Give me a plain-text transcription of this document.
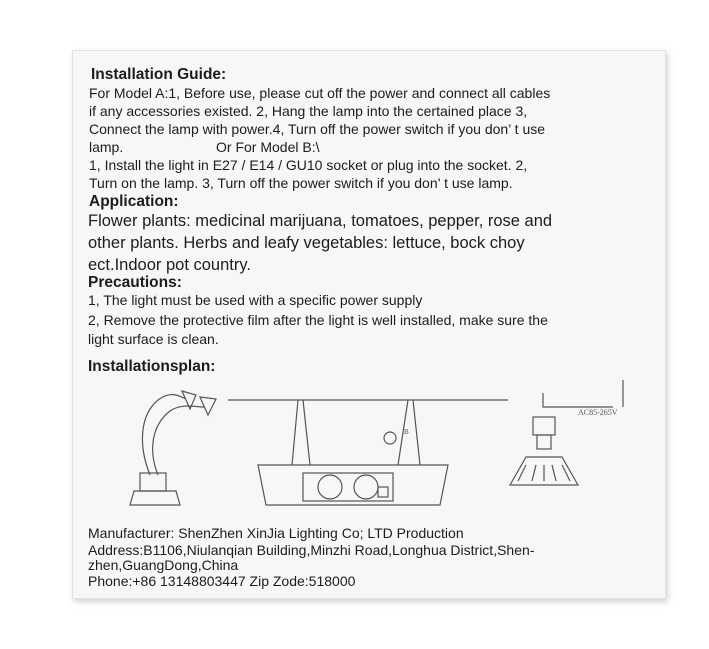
Installation Guide:
For Model A:1, Before use, please cut off the power and connect all cables
if any accessories existed. 2, Hang the lamp into the certained place 3,
Connect the lamp with power.4, Turn off the power switch if you don’ t use
lamp.	Or For Model B:\
1, Install the light in E27 / E14 / GU10 socket or plug into the socket. 2,
Turn on the lamp. 3, Turn off the power switch if you don’ t use lamp.
Application:
Flower plants: medicinal marijuana, tomatoes, pepper, rose and
other plants. Herbs and leafy vegetables: lettuce, bock choy
ect.Indoor pot country.
Precautions:
1, The light must be used with a specific power supply
2, Remove the protective film after the light is well installed, make sure the
light surface is clean.
Installationsplan:
AC85-265V
B
Manufacturer: ShenZhen XinJia Lighting Co; LTD Production
Address:B1106,Niulanqian Building,Minzhi Road,Longhua District,Shen-
zhen,GuangDong,China
Phone:+86 13148803447 Zip Zode:518000
